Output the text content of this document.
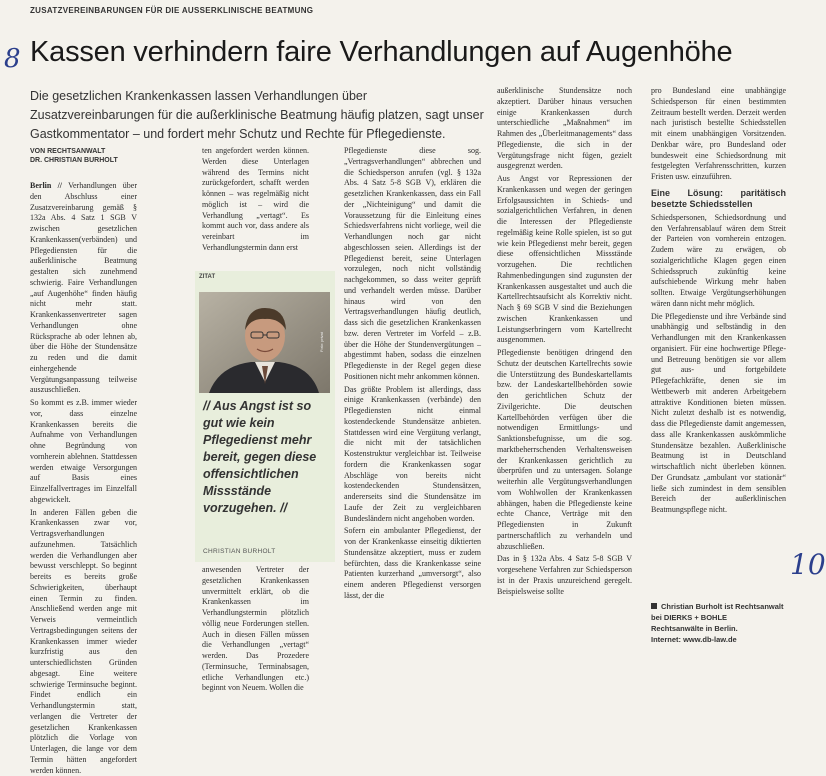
ZUSATZVEREINBARUNGEN FÜR DIE AUSSERKLINISCHE BEATMUNG
8 Kassen verhindern faire Verhandlungen auf Augenhöhe
Die gesetzlichen Krankenkassen lassen Verhandlungen über Zusatzvereinbarungen für die außerklinische Beatmung häufig platzen, sagt unser Gastkommentator – und fordert mehr Schutz und Rechte für Pflegedienste.
VON RECHTSANWALT
DR. CHRISTIAN BURHOLT

Berlin // Verhandlungen über den Abschluss einer Zusatzvereinbarung gemäß § 132a Abs. 4 Satz 1 SGB V zwischen gesetzlichen Krankenkassen(verbänden) und Pflegediensten für die außerklinische Beatmung gestalten sich zunehmend schwierig. Faire Verhandlungen „auf Augenhöhe“ finden häufig nicht mehr statt. Krankenkassenvertreter sagen Verhandlungen ohne Rücksprache ab oder lehnen ab, über die Höhe der Stundensätze zu reden und die damit einhergehende Vergütungsanpassung teilweise auszuschließen.

So kommt es z.B. immer wieder vor, dass einzelne Krankenkassen bereits die Aufnahme von Verhandlungen ohne Begründung von vornherein ablehnen. Stattdessen werden etwaige Versorgungen auf Basis eines Einzelfallvertrages im Einzelfall abgewickelt.

In anderen Fällen geben die Krankenkassen zwar vor, Vertragsverhandlungen aufzunehmen. Tatsächlich werden die Verhandlungen aber bewusst verschleppt. So beginnt bereits es bereits große Schwierigkeiten, überhaupt einen Termin zu finden. Anschließend werden ange mit Verweis vermeintlich Vertragsbedingungen seitens der Krankenkassen immer wieder kurzfristig aus den unterschiedlichsten Gründen abgesagt. Eine weitere schwierige Terminsuche beginnt. Findet endlich ein Verhandlungstermin statt, verlangen die Vertreter der gesetzlichen Krankenkassen plötzlich die Vorlage von Unterlagen, die lange vor dem Termin hätten angefordert werden können.

ten angefordert werden können. Werden diese Unterlagen während des Termins nicht zurückgefordert, schafft werden können – was regelmäßig nicht möglich ist – wird die Verhandlung „vertagt“. Es kommt auch vor, dass andere als vereinbart im Verhandlungstermin dann erst

ZITAT
Foto: privat
// Aus Angst ist so gut wie kein Pflegedienst mehr bereit, gegen diese offensichtlichen Missstände vorzugehen. //
CHRISTIAN BURHOLT

anwesenden Vertreter der gesetzlichen Krankenkassen unvermittelt erklärt, ob die Krankenkassen im Verhandlungstermin plötzlich völlig neue Forderungen stellen. Auch in diesen Fällen müssen die Verhandlungen „vertagt“ werden. Das Prozedere (Terminsuche, Terminabsagen, etliche Verhandlungen etc.) beginnt von Neuem. Wollen die

Pflegedienste diese sog. „Vertragsverhandlungen“ abbrechen und die Schiedsperson anrufen (vgl. § 132a Abs. 4 Satz 5-8 SGB V), erklären die gesetzlichen Krankenkassen, dass ein Fall der „Nichteinigung“ und damit die Voraussetzung für die Einleitung eines Schiedsverfahrens nicht vorliege, weil die Verhandlungen noch gar nicht abgeschlossen seien. Allerdings ist der Pflegedienst bereit, seine Unterlagen vorzulegen, noch nicht vollständig nachgekommen, so dass weiter geprüft und verhandelt werden müsse. Darüber hinaus wird von den Vertragsverhandlungen häufig deutlich, dass sich die gesetzlichen Krankenkassen bzw. deren Vertreter im Vorfeld – z.B. über die Höhe der Stundenvergütungen – abgestimmt haben, sodass die einzelnen Pflegedienste in der Regel gegen diese Positionen nicht mehr ankommen können.

Das größte Problem ist allerdings, dass einige Krankenkassen (verbände) den Pflegediensten nicht einmal kostendeckende Stundensätze anbieten. Stattdessen wird eine Vergütung verlangt, die nicht mit der tatsächlichen Kostenstruktur vergleichbar ist. Teilweise fordern die Krankenkassen sogar Abschläge von bereits nicht kostendeckenden Stundensätzen, andererseits sind die Stundensätze im Laufe der Zeit zu vergleichbaren Bundesländern nicht angehoben worden.

Sofern ein ambulanter Pflegedienst, der von der Krankenkasse einseitig diktierten Stundensätze akzeptiert, muss er zudem befürchten, dass die Krankenkasse seine Patienten kurzerhand „umversorgt“, also einem anderen Pflegedienst versorgen lässt, der die

außerklinische Stundensätze noch akzeptiert. Darüber hinaus versuchen einige Krankenkassen durch unterschiedliche „Maßnahmen“ im Rahmen des „Überleitmanagements“ dass Pflegedienste, die sich in der Vergütungsfrage nicht fügen, gezielt ausgegrenzt werden.

Aus Angst vor Repressionen der Krankenkassen und wegen der geringen Erfolgsaussichten in Schieds- und sozialgerichtlichen Verfahren, in denen die Interessen der Pflegedienste regelmäßig keine Rolle spielen, ist so gut wie kein Pflegedienst mehr bereit, gegen diese offensichtlichen Missstände vorzugehen. Die rechtlichen Rahmenbedingungen sind zugunsten der Krankenkassen ausgestaltet und auch die Kartellrechtsaufsicht als Korrektiv nicht. Nach § 69 SGB V sind die Beziehungen zwischen Krankenkassen und Leistungserbringern vom Kartellrecht ausgenommen.

Pflegedienste benötigen dringend den Schutz der deutschen Kartellrechts sowie die Unterstützung des Bundeskartellamts bzw. der Landeskartellbehörden sowie den gerichtlichen Schutz der Zivilgerichte. Die deutschen Kartellbehörden verfügen über die notwendigen Ermittlungs- und Sanktionsbefugnisse, um die sog. marktbeherrschenden Verhaltensweisen der Krankenkassen gerichtlich zu überprüfen und zu untersagen. Solange weiterhin alle Vergütungsverhandlungen vom Wohlwollen der Krankenkassen abhängen, haben die Pflegedienste keine echte Chance, Verträge mit den Pflegediensten in Zukunft partnerschaftlich zu verhandeln und abzuschließen.

Das in § 132a Abs. 4 Satz 5-8 SGB V vorgesehene Verfahren zur Schiedsperson ist in der Praxis unzureichend geregelt. Beispielsweise sollte

pro Bundesland eine unabhängige Schiedsperson für einen bestimmten Zeitraum bestellt werden. Derzeit werden nach juristisch bestellte Schiedsstellen mit einem unabhängigen Vorsitzenden. Denkbar wäre, pro Bundesland oder bundesweit eine Schiedsordnung mit festgelegten Verfahrensschritten, kurzen Fristen usw. einzuführen.

Eine Lösung: paritätisch besetzte Schiedsstellen

Schiedspersonen, Schiedsordnung und den Verfahrensablauf wären dem Streit der Parteien von vornherein entzogen. Zudem wäre zu erwägen, ob sozialgerichtliche Klagen gegen einen Schiedsspruch zukünftig keine aufschiebende Wirkung mehr haben sollten. Etwaige Vergütungserhöhungen wären dann nicht mehr möglich.

Die Pflegedienste und ihre Verbände sind unabhängig und selbständig in den Verhandlungen mit den Krankenkassen organisiert. Für eine hochwertige Pflege- und Betreuung benötigen sie vor allem gut aus- und fortgebildete Pflegefachkräfte, denen sie im Wettbewerb mit anderen Arbeitgebern attraktive Konditionen bieten müssen. Nicht zuletzt deshalb ist es notwendig, dass die Pflegedienste damit angemessen, dass alle Krankenkassen auskömmliche Stundensätze bezahlen. Außerklinische Beatmung ist in Deutschland wirtschaftlich nicht überleben können. Der Grundsatz „ambulant vor stationär“ ließe sich zumindest in dem sensiblen Bereich der außerklinischen Beatmungspflege nicht.

Christian Burholt ist Rechtsanwalt bei DIERKS + BOHLE
Rechtsanwälte in Berlin.
Internet: www.db-law.de
10
